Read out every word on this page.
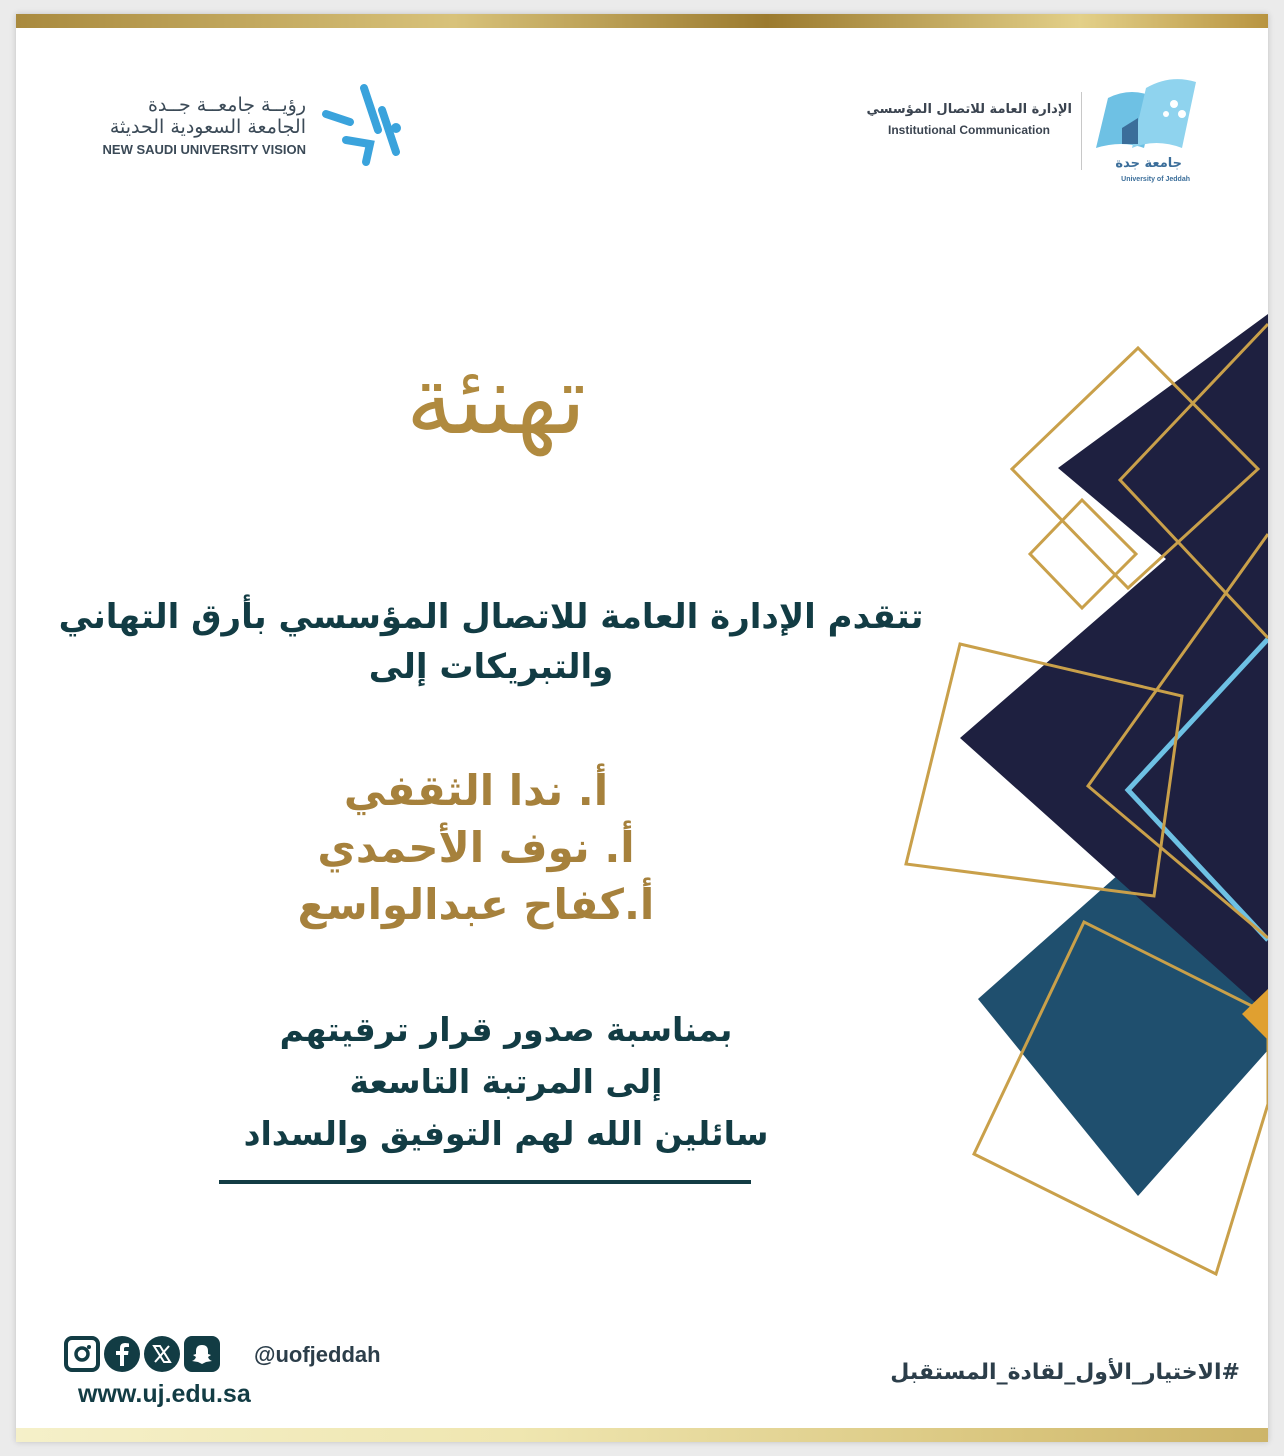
رؤيــة جامعــة جــدة
الجامعة السعودية الحديثة
NEW SAUDI UNIVERSITY VISION
الإدارة العامة للاتصال المؤسسي
Institutional Communication
جامعة جدة
University of Jeddah
تهنئة
تتقدم الإدارة العامة للاتصال المؤسسي بأرق التهاني
والتبريكات إلى
أ. ندا الثقفي
أ. نوف الأحمدي
أ.كفاح عبدالواسع
بمناسبة صدور قرار ترقيتهم
إلى المرتبة التاسعة
سائلين الله لهم التوفيق والسداد
@uofjeddah
www.uj.edu.sa
#الاختيار_الأول_لقادة_المستقبل
